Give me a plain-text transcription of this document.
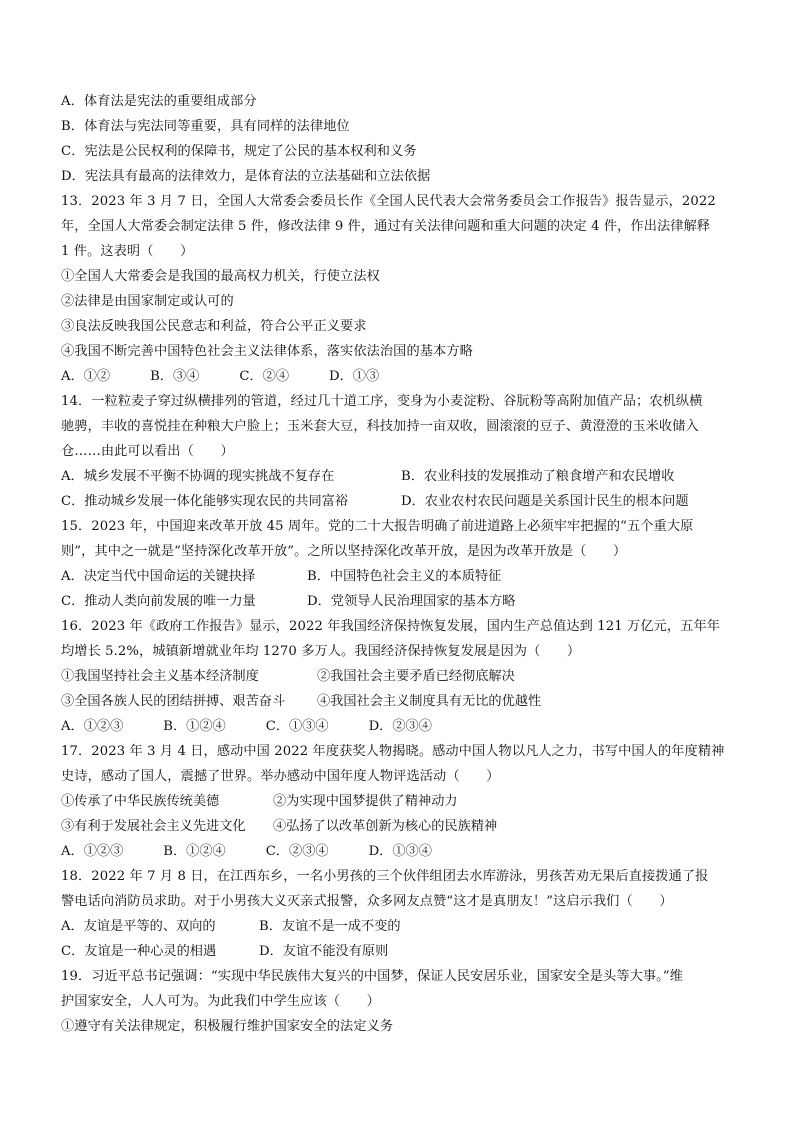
A．体育法是宪法的重要组成部分
B．体育法与宪法同等重要，具有同样的法律地位
C．宪法是公民权利的保障书，规定了公民的基本权利和义务
D．宪法具有最高的法律效力，是体育法的立法基础和立法依据
13．2023 年 3 月 7 日，全国人大常委会委员长作《全国人民代表大会常务委员会工作报告》报告显示，2022
年，全国人大常委会制定法律 5 件，修改法律 9 件，通过有关法律问题和重大问题的决定 4 件，作出法律解释
1 件。这表明（　　）
①全国人大常委会是我国的最高权力机关，行使立法权
②法律是由国家制定或认可的
③良法反映我国公民意志和利益，符合公平正义要求
④我国不断完善中国特色社会主义法律体系，落实依法治国的基本方略
A．①②	B．③④	C．②④	D．①③
14．一粒粒麦子穿过纵横排列的管道，经过几十道工序，变身为小麦淀粉、谷朊粉等高附加值产品；农机纵横
驰骋，丰收的喜悦挂在种粮大户脸上；玉米套大豆，科技加持一亩双收，圆滚滚的豆子、黄澄澄的玉米收储入
仓……由此可以看出（　　）
A．城乡发展不平衡不协调的现实挑战不复存在	B．农业科技的发展推动了粮食增产和农民增收
C．推动城乡发展一体化能够实现农民的共同富裕	D．农业农村农民问题是关系国计民生的根本问题
15．2023 年，中国迎来改革开放 45 周年。党的二十大报告明确了前进道路上必须牢牢把握的“五个重大原
则”，其中之一就是“坚持深化改革开放”。之所以坚持深化改革开放，是因为改革开放是（　　）
A．决定当代中国命运的关键抉择	B．中国特色社会主义的本质特征
C．推动人类向前发展的唯一力量	D．党领导人民治理国家的基本方略
16．2023 年《政府工作报告》显示，2022 年我国经济保持恢复发展，国内生产总值达到 121 万亿元，五年年
均增长 5.2%，城镇新增就业年均 1270 多万人。我国经济保持恢复发展是因为（　　）
①我国坚持社会主义基本经济制度	②我国社会主要矛盾已经彻底解决
③全国各族人民的团结拼搏、艰苦奋斗	④我国社会主义制度具有无比的优越性
A．①②③	B．①②④	C．①③④	D．②③④
17．2023 年 3 月 4 日，感动中国 2022 年度获奖人物揭晓。感动中国人物以凡人之力，书写中国人的年度精神
史诗，感动了国人，震撼了世界。举办感动中国年度人物评选活动（　　）
①传承了中华民族传统美德	②为实现中国梦提供了精神动力
③有利于发展社会主义先进文化	④弘扬了以改革创新为核心的民族精神
A．①②③	B．①②④	C．②③④	D．①③④
18．2022 年 7 月 8 日，在江西东乡，一名小男孩的三个伙伴组团去水库游泳，男孩苦劝无果后直接拨通了报
警电话向消防员求助。对于小男孩大义灭亲式报警，众多网友点赞“这才是真朋友！”这启示我们（　　）
A．友谊是平等的、双向的	B．友谊不是一成不变的
C．友谊是一种心灵的相遇	D．友谊不能没有原则
19．习近平总书记强调：“实现中华民族伟大复兴的中国梦，保证人民安居乐业，国家安全是头等大事。”维
护国家安全，人人可为。为此我们中学生应该（　　）
①遵守有关法律规定，积极履行维护国家安全的法定义务
